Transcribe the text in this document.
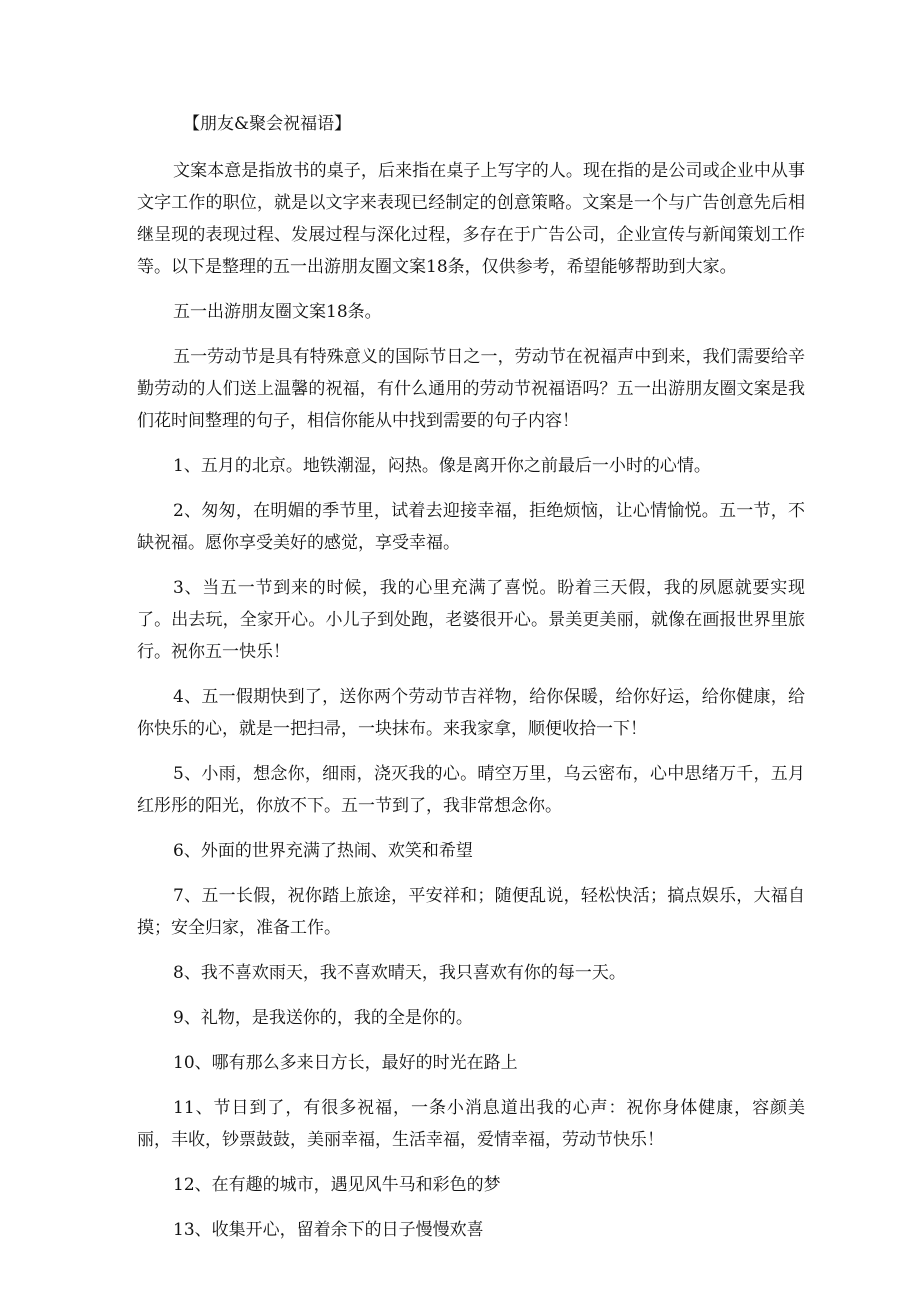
【朋友&聚会祝福语】

文案本意是指放书的桌子，后来指在桌子上写字的人。现在指的是公司或企业中从事文字工作的职位，就是以文字来表现已经制定的创意策略。文案是一个与广告创意先后相继呈现的表现过程、发展过程与深化过程，多存在于广告公司，企业宣传与新闻策划工作等。以下是整理的五一出游朋友圈文案18条，仅供参考，希望能够帮助到大家。

五一出游朋友圈文案18条。

五一劳动节是具有特殊意义的国际节日之一，劳动节在祝福声中到来，我们需要给辛勤劳动的人们送上温馨的祝福，有什么通用的劳动节祝福语吗？五一出游朋友圈文案是我们花时间整理的句子，相信你能从中找到需要的句子内容！

1、五月的北京。地铁潮湿，闷热。像是离开你之前最后一小时的心情。

2、匆匆，在明媚的季节里，试着去迎接幸福，拒绝烦恼，让心情愉悦。五一节，不缺祝福。愿你享受美好的感觉，享受幸福。

3、当五一节到来的时候，我的心里充满了喜悦。盼着三天假，我的夙愿就要实现了。出去玩，全家开心。小儿子到处跑，老婆很开心。景美更美丽，就像在画报世界里旅行。祝你五一快乐！

4、五一假期快到了，送你两个劳动节吉祥物，给你保暖，给你好运，给你健康，给你快乐的心，就是一把扫帚，一块抹布。来我家拿，顺便收拾一下！

5、小雨，想念你，细雨，浇灭我的心。晴空万里，乌云密布，心中思绪万千，五月红彤彤的阳光，你放不下。五一节到了，我非常想念你。

6、外面的世界充满了热闹、欢笑和希望

7、五一长假，祝你踏上旅途，平安祥和；随便乱说，轻松快活；搞点娱乐，大福自摸；安全归家，准备工作。

8、我不喜欢雨天，我不喜欢晴天，我只喜欢有你的每一天。

9、礼物，是我送你的，我的全是你的。

10、哪有那么多来日方长，最好的时光在路上

11、节日到了，有很多祝福，一条小消息道出我的心声：祝你身体健康，容颜美丽，丰收，钞票鼓鼓，美丽幸福，生活幸福，爱情幸福，劳动节快乐！

12、在有趣的城市，遇见风牛马和彩色的梦

13、收集开心，留着余下的日子慢慢欢喜
